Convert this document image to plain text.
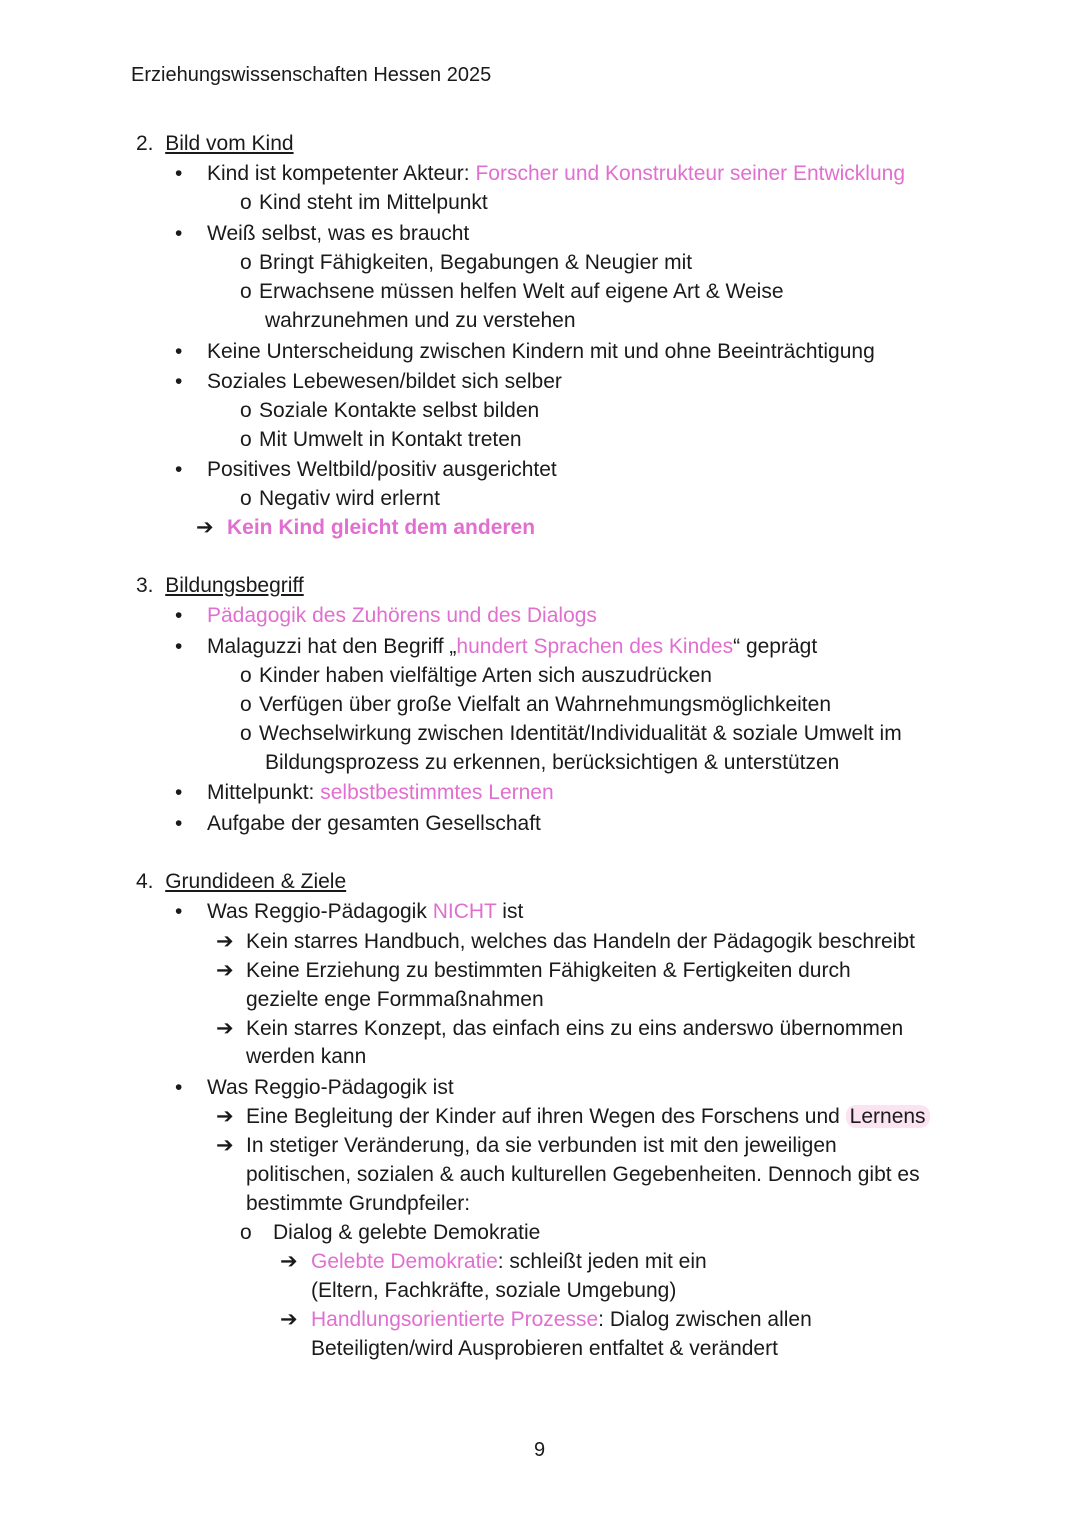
Erziehungswissenschaften Hessen 2025
2. Bild vom Kind
• Kind ist kompetenter Akteur: Forscher und Konstrukteur seiner Entwicklung
o Kind steht im Mittelpunkt
• Weiß selbst, was es braucht
o Bringt Fähigkeiten, Begabungen & Neugier mit
o Erwachsene müssen helfen Welt auf eigene Art & Weise
wahrzunehmen und zu verstehen
• Keine Unterscheidung zwischen Kindern mit und ohne Beeinträchtigung
• Soziales Lebewesen/bildet sich selber
o Soziale Kontakte selbst bilden
o Mit Umwelt in Kontakt treten
• Positives Weltbild/positiv ausgerichtet
o Negativ wird erlernt
➔ Kein Kind gleicht dem anderen
3. Bildungsbegriff
• Pädagogik des Zuhörens und des Dialogs
• Malaguzzi hat den Begriff „hundert Sprachen des Kindes“ geprägt
o Kinder haben vielfältige Arten sich auszudrücken
o Verfügen über große Vielfalt an Wahrnehmungsmöglichkeiten
o Wechselwirkung zwischen Identität/Individualität & soziale Umwelt im
Bildungsprozess zu erkennen, berücksichtigen & unterstützen
• Mittelpunkt: selbstbestimmtes Lernen
• Aufgabe der gesamten Gesellschaft
4. Grundideen & Ziele
• Was Reggio-Pädagogik NICHT ist
➔ Kein starres Handbuch, welches das Handeln der Pädagogik beschreibt
➔ Keine Erziehung zu bestimmten Fähigkeiten & Fertigkeiten durch
gezielte enge Formmaßnahmen
➔ Kein starres Konzept, das einfach eins zu eins anderswo übernommen
werden kann
• Was Reggio-Pädagogik ist
➔ Eine Begleitung der Kinder auf ihren Wegen des Forschens und Lernens
➔ In stetiger Veränderung, da sie verbunden ist mit den jeweiligen
politischen, sozialen & auch kulturellen Gegebenheiten. Dennoch gibt es
bestimmte Grundpfeiler:
o Dialog & gelebte Demokratie
➔ Gelebte Demokratie: schleißt jeden mit ein
(Eltern, Fachkräfte, soziale Umgebung)
➔ Handlungsorientierte Prozesse: Dialog zwischen allen
Beteiligten/wird Ausprobieren entfaltet & verändert
9
